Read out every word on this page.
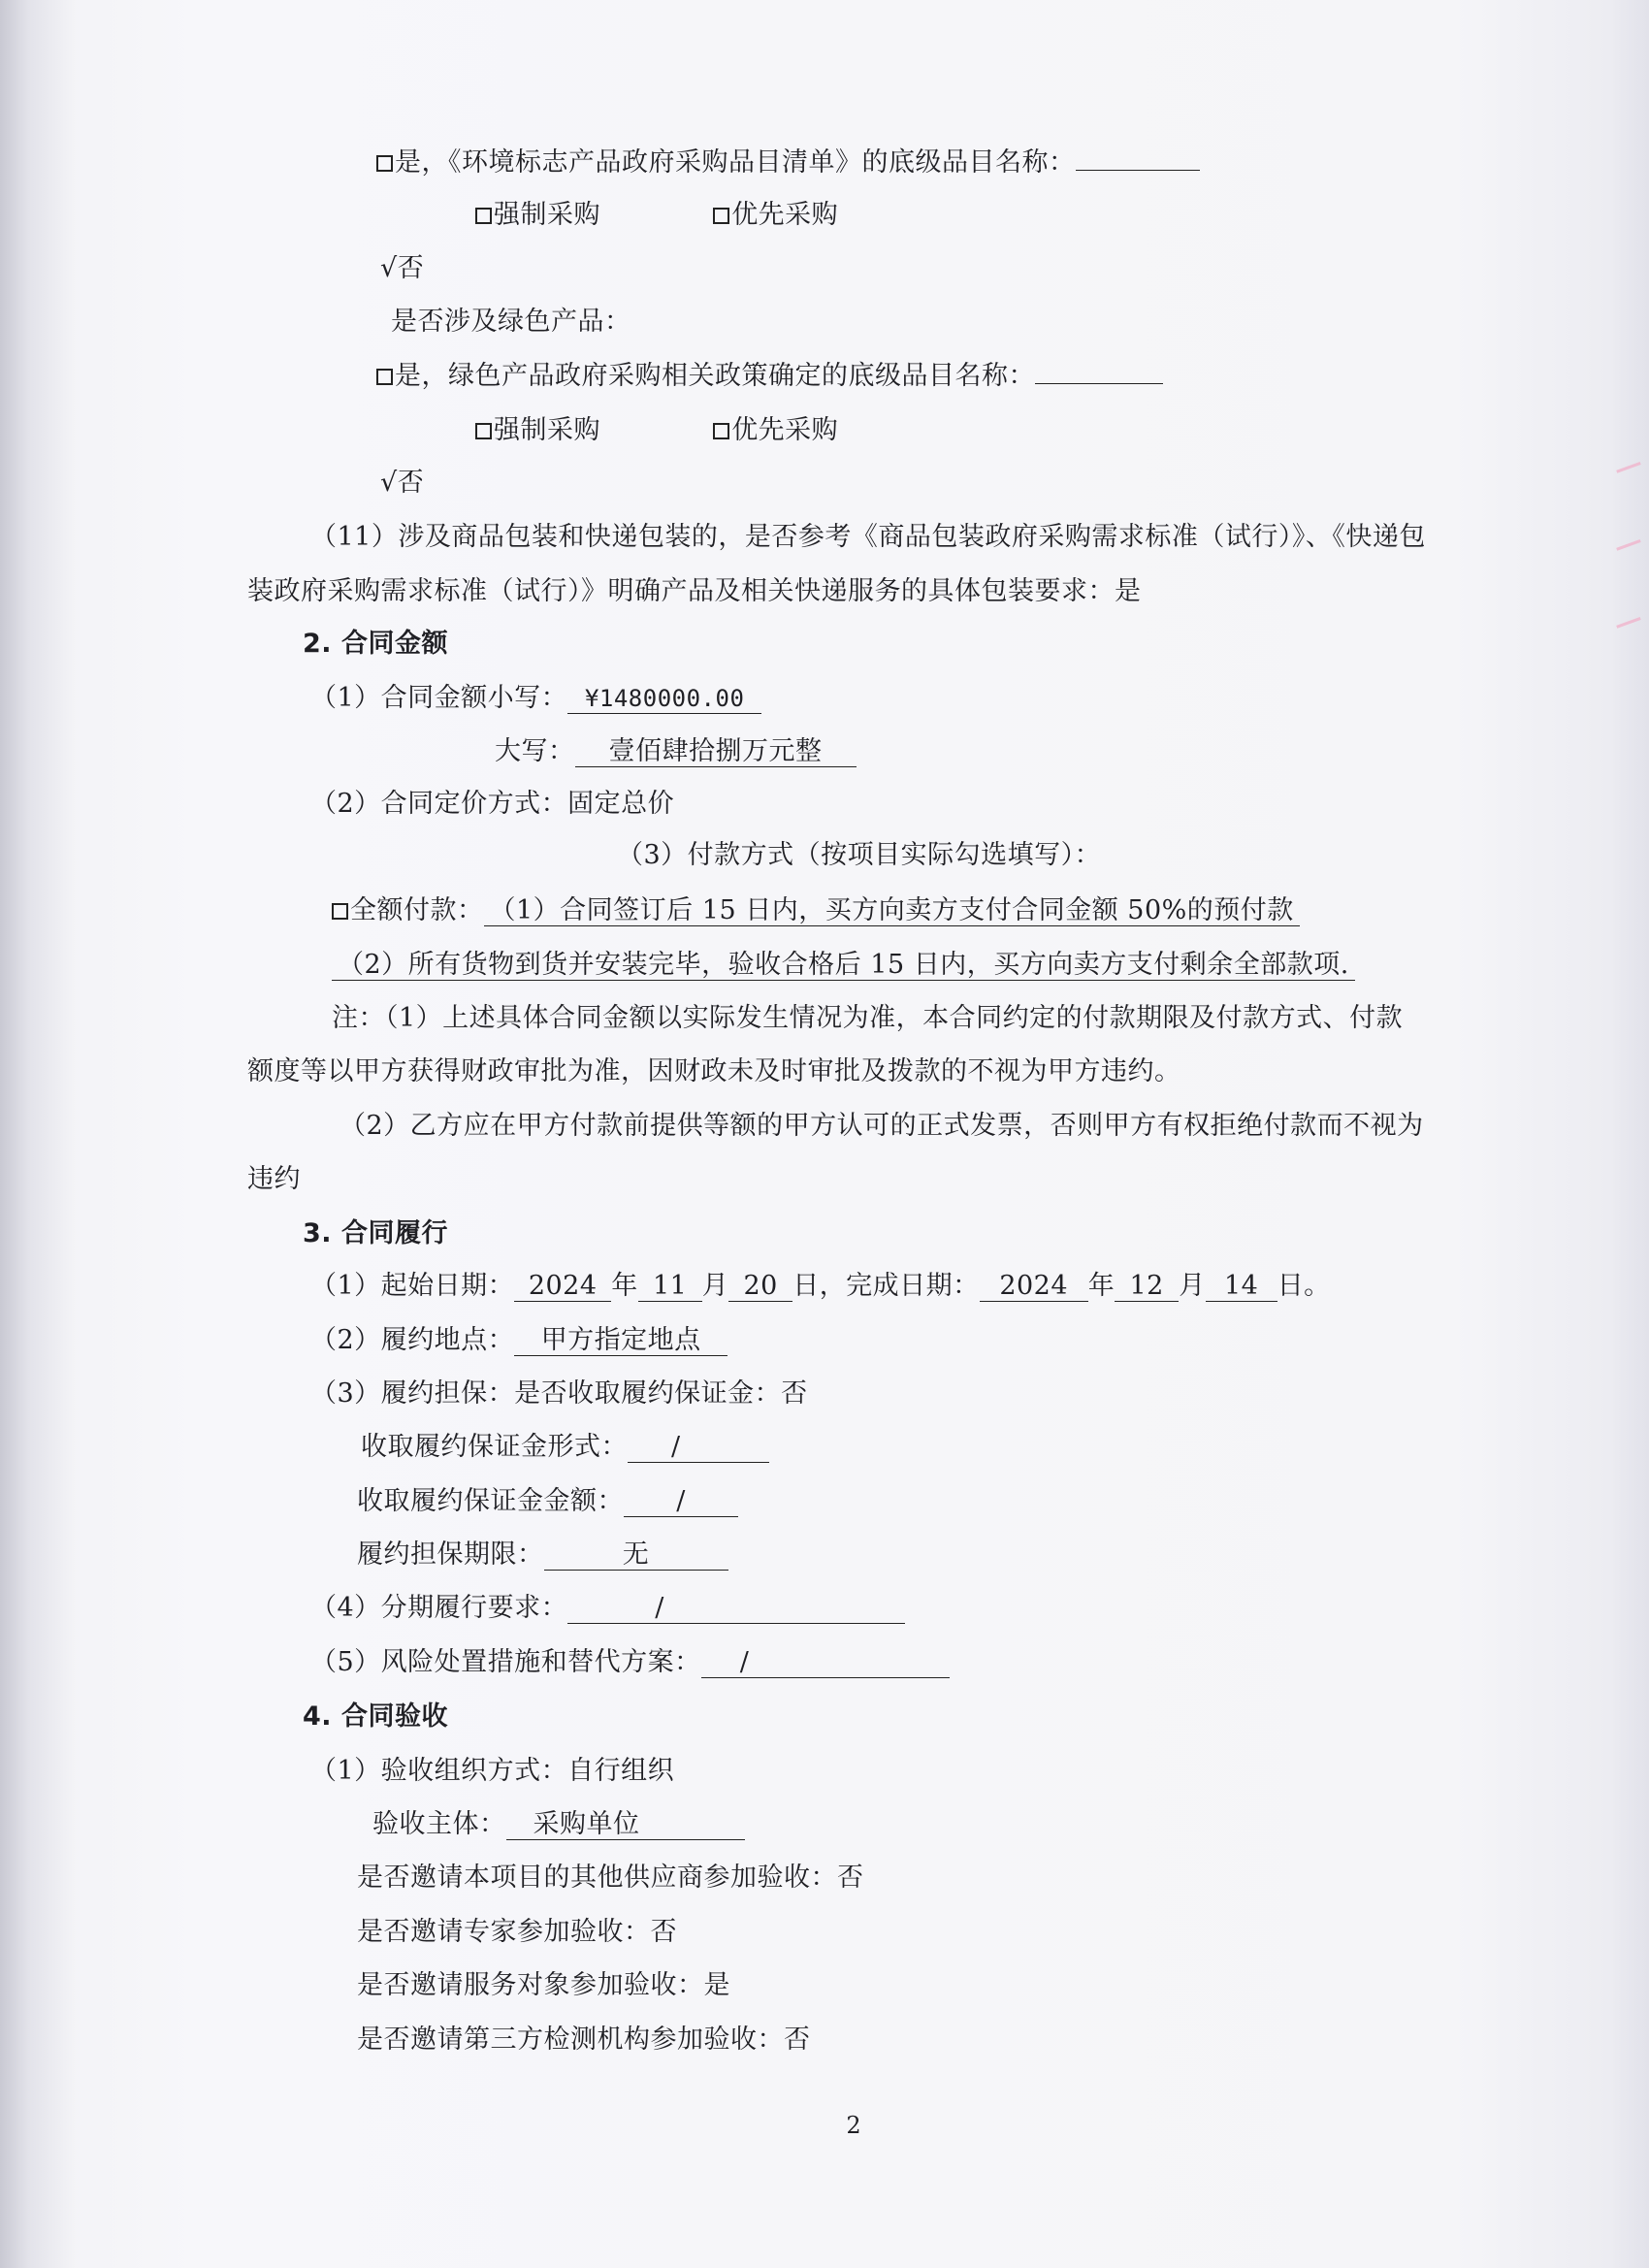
是，《环境标志产品政府采购品目清单》的底级品目名称：
强制采购	优先采购
√否
是否涉及绿色产品：
是，绿色产品政府采购相关政策确定的底级品目名称：
强制采购	优先采购
√否
（11）涉及商品包装和快递包装的，是否参考《商品包装政府采购需求标准（试行）》、《快递包
装政府采购需求标准（试行）》明确产品及相关快递服务的具体包装要求：是
2. 合同金额
（1）合同金额小写： ¥1480000.00
大写： 壹佰肆拾捌万元整
（2）合同定价方式：固定总价
（3）付款方式（按项目实际勾选填写）：
全额付款： （1）合同签订后 15 日内，买方向卖方支付合同金额 50%的预付款
（2）所有货物到货并安装完毕，验收合格后 15 日内，买方向卖方支付剩余全部款项.
注：（1）上述具体合同金额以实际发生情况为准，本合同约定的付款期限及付款方式、付款
额度等以甲方获得财政审批为准，因财政未及时审批及拨款的不视为甲方违约。
（2）乙方应在甲方付款前提供等额的甲方认可的正式发票，否则甲方有权拒绝付款而不视为
违约
3. 合同履行
（1）起始日期： 2024 年 11 月 20 日，完成日期： 2024 年 12 月 14 日。
（2）履约地点： 甲方指定地点
（3）履约担保：是否收取履约保证金：否
收取履约保证金形式： /
收取履约保证金金额： /
履约担保期限：	无
（4）分期履行要求：	/
（5）风险处置措施和替代方案： /
4. 合同验收
（1）验收组织方式：自行组织
验收主体： 采购单位
是否邀请本项目的其他供应商参加验收：否
是否邀请专家参加验收：否
是否邀请服务对象参加验收：是
是否邀请第三方检测机构参加验收：否
2
